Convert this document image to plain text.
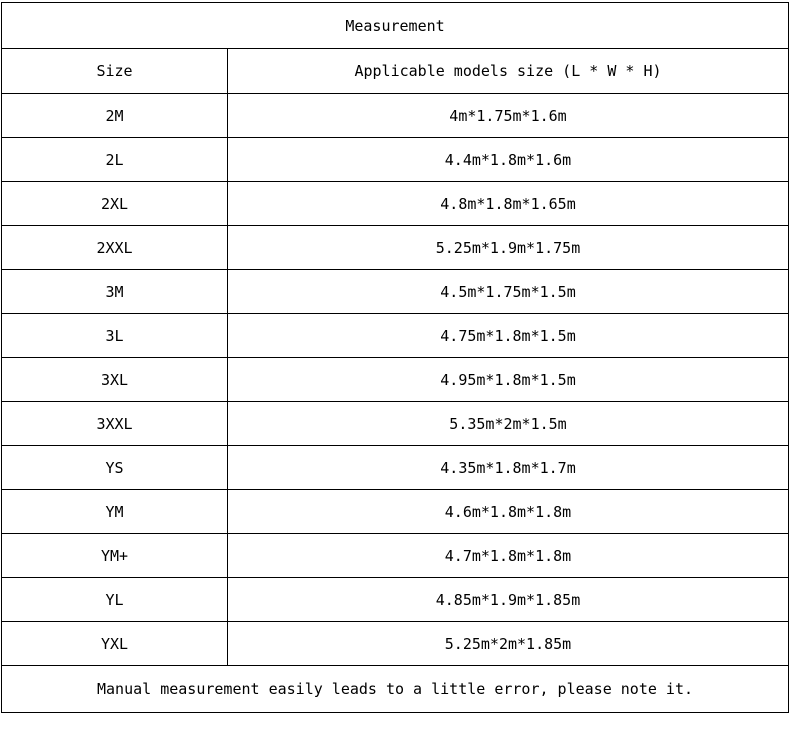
Measurement	
Size	Applicable models size (L * W * H)
2M	4m*1.75m*1.6m
2L	4.4m*1.8m*1.6m
2XL	4.8m*1.8m*1.65m
2XXL	5.25m*1.9m*1.75m
3M	4.5m*1.75m*1.5m
3L	4.75m*1.8m*1.5m
3XL	4.95m*1.8m*1.5m
3XXL	5.35m*2m*1.5m
YS	4.35m*1.8m*1.7m
YM	4.6m*1.8m*1.8m
YM+	4.7m*1.8m*1.8m
YL	4.85m*1.9m*1.85m
YXL	5.25m*2m*1.85m
Manual measurement easily leads to a little error, please note it.	
